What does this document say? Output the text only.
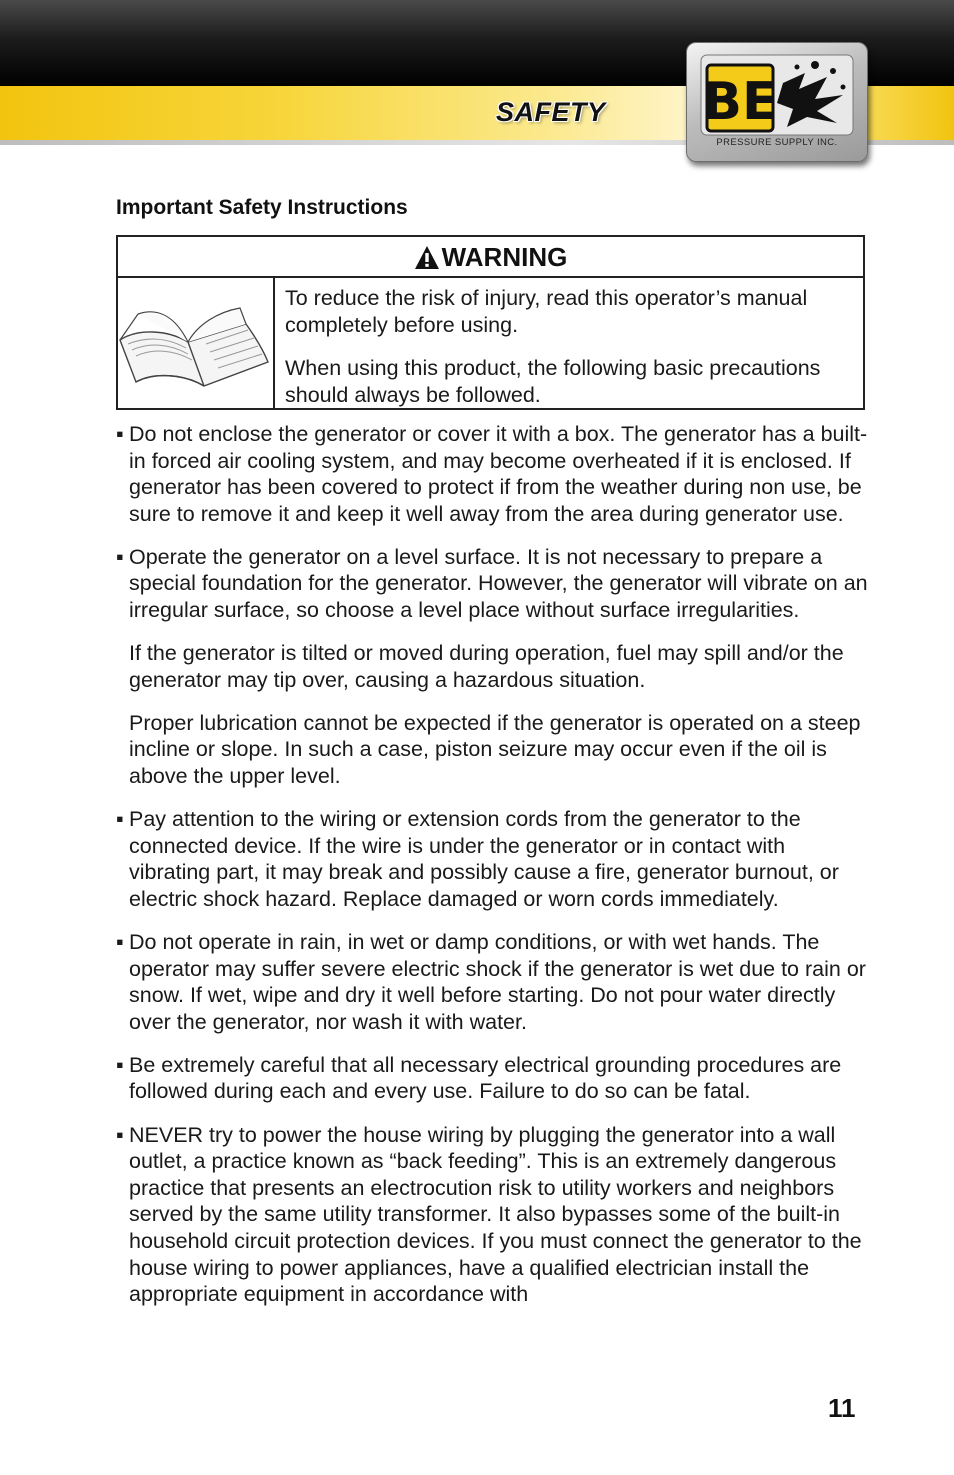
SAFETY BE
PRESSURE SUPPLY INC.
Important Safety Instructions
WARNING

To reduce the risk of injury, read this operator’s manual completely before using.

When using this product, the following basic precautions should always be followed.

▪ Do not enclose the generator or cover it with a box. The generator has a built-in forced air cooling system, and may become overheated if it is enclosed. If generator has been covered to protect if from the weather during non use, be sure to remove it and keep it well away from the area during generator use.
▪ Operate the generator on a level surface. It is not necessary to prepare a special foundation for the generator. However, the generator will vibrate on an irregular surface, so choose a level place without surface irregularities.
If the generator is tilted or moved during operation, fuel may spill and/or the generator may tip over, causing a hazardous situation.
Proper lubrication cannot be expected if the generator is operated on a steep incline or slope. In such a case, piston seizure may occur even if the oil is above the upper level.
▪ Pay attention to the wiring or extension cords from the generator to the connected device. If the wire is under the generator or in contact with vibrating part, it may break and possibly cause a fire, generator burnout, or electric shock hazard. Replace damaged or worn cords immediately.
▪ Do not operate in rain, in wet or damp conditions, or with wet hands. The operator may suffer severe electric shock if the generator is wet due to rain or snow. If wet, wipe and dry it well before starting. Do not pour water directly over the generator, nor wash it with water.
▪ Be extremely careful that all necessary electrical grounding procedures are followed during each and every use. Failure to do so can be fatal.
▪ NEVER try to power the house wiring by plugging the generator into a wall outlet, a practice known as “back feeding”. This is an extremely dangerous practice that presents an electrocution risk to utility workers and neighbors served by the same utility transformer. It also bypasses some of the built-in household circuit protection devices. If you must connect the generator to the house wiring to power appliances, have a qualified electrician install the appropriate equipment in accordance with
11
